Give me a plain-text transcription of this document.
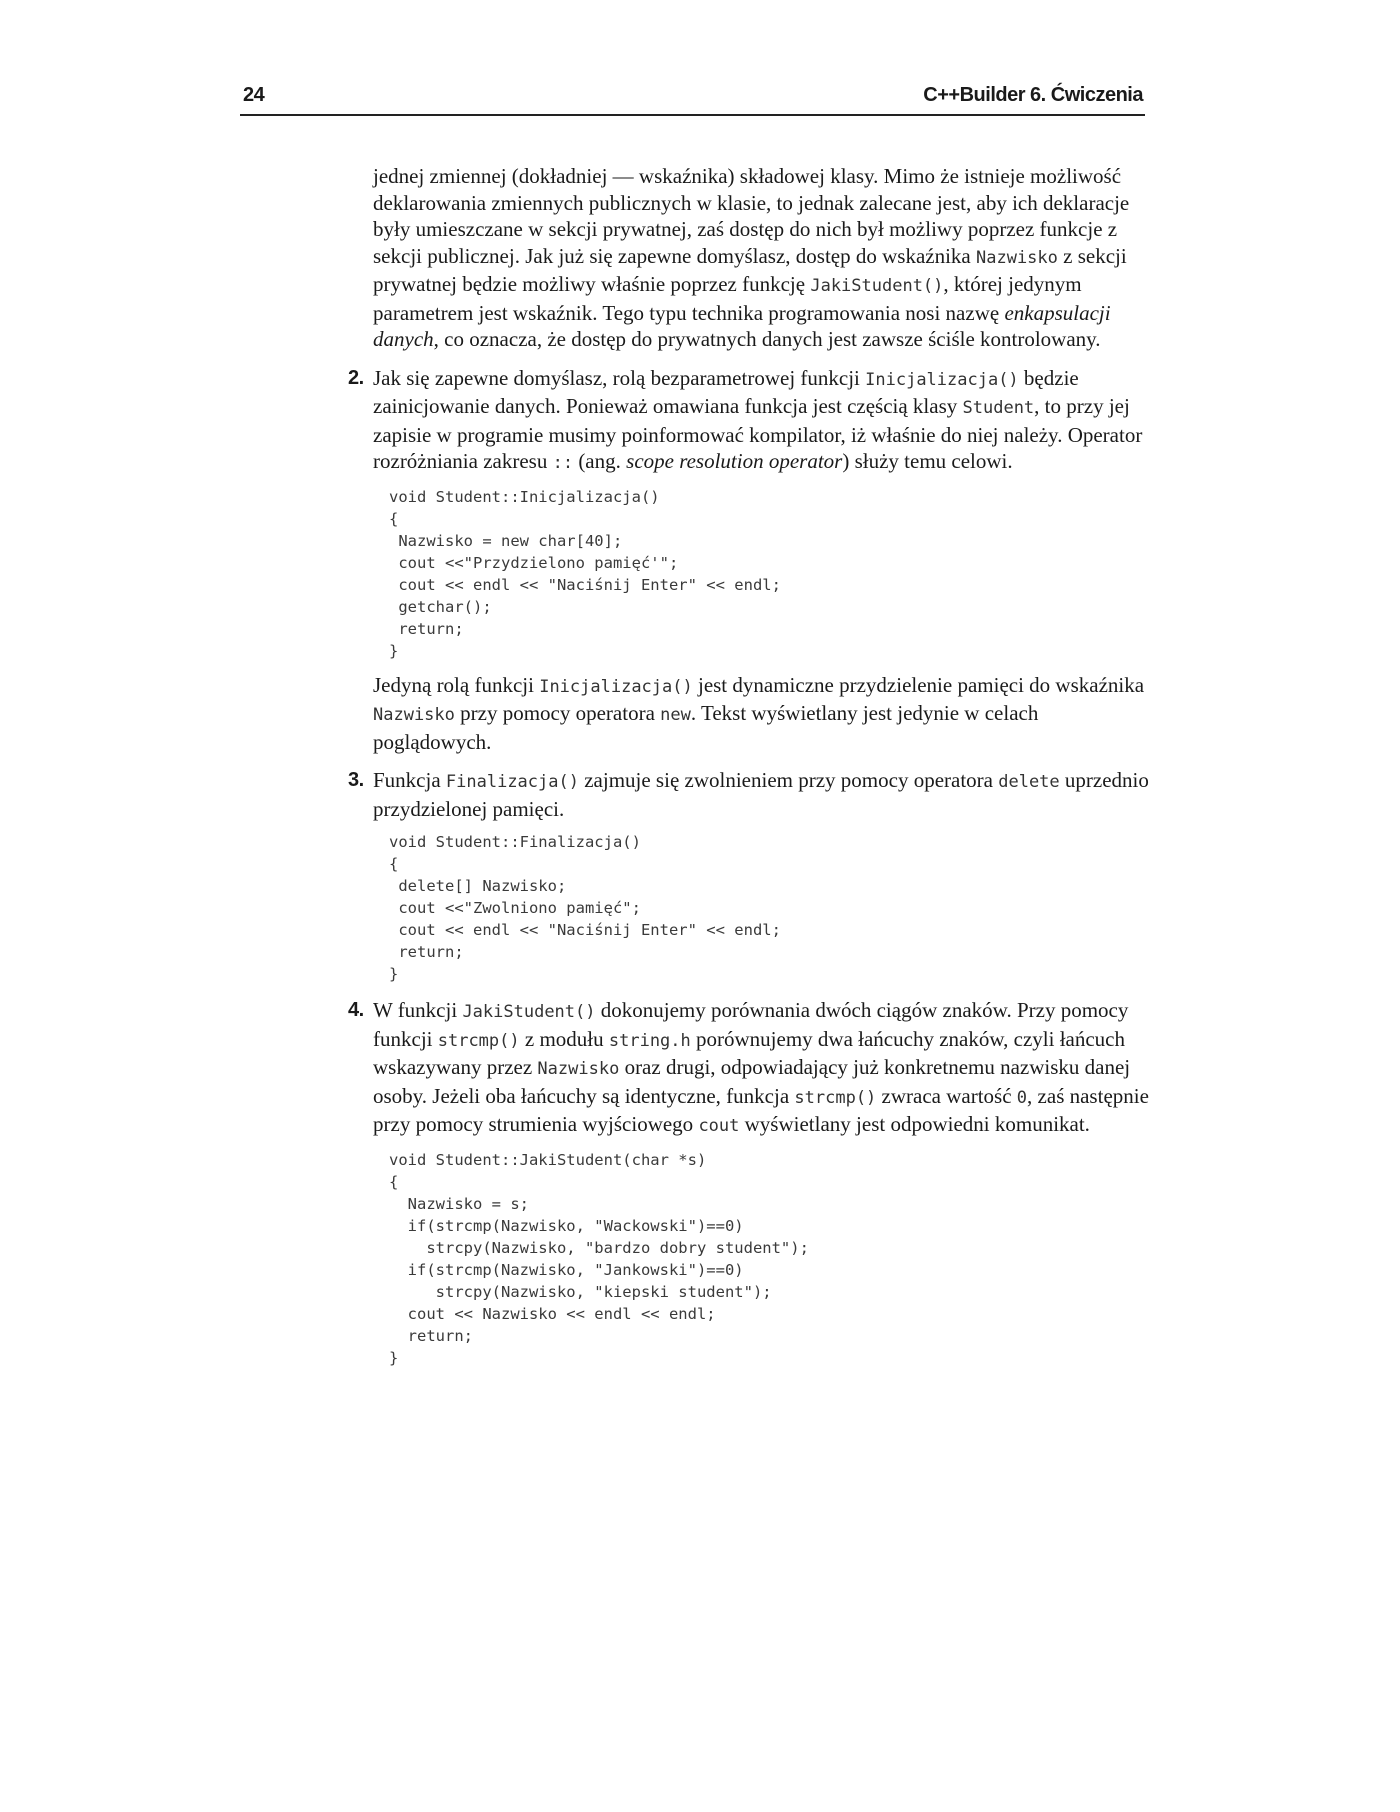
24	C++Builder 6. Ćwiczenia

jednej zmiennej (dokładniej — wskaźnika) składowej klasy. Mimo że istnieje możliwość deklarowania zmiennych publicznych w klasie, to jednak zalecane jest, aby ich deklaracje były umieszczane w sekcji prywatnej, zaś dostęp do nich był możliwy poprzez funkcje z sekcji publicznej. Jak już się zapewne domyślasz, dostęp do wskaźnika Nazwisko z sekcji prywatnej będzie możliwy właśnie poprzez funkcję JakiStudent(), której jedynym parametrem jest wskaźnik. Tego typu technika programowania nosi nazwę enkapsulacji danych, co oznacza, że dostęp do prywatnych danych jest zawsze ściśle kontrolowany.

2. Jak się zapewne domyślasz, rolą bezparametrowej funkcji Inicjalizacja() będzie zainicjowanie danych. Ponieważ omawiana funkcja jest częścią klasy Student, to przy jej zapisie w programie musimy poinformować kompilator, iż właśnie do niej należy. Operator rozróżniania zakresu :: (ang. scope resolution operator) służy temu celowi.

void Student::Inicjalizacja()
{
Nazwisko = new char[40];
cout <<"Przydzielono pamięć'";
cout << endl << "Naciśnij Enter" << endl;
getchar();
return;
}

Jedyną rolą funkcji Inicjalizacja() jest dynamiczne przydzielenie pamięci do wskaźnika Nazwisko przy pomocy operatora new. Tekst wyświetlany jest jedynie w celach poglądowych.

3. Funkcja Finalizacja() zajmuje się zwolnieniem przy pomocy operatora delete uprzednio przydzielonej pamięci.

void Student::Finalizacja()
{
delete[] Nazwisko;
cout <<"Zwolniono pamięć";
cout << endl << "Naciśnij Enter" << endl;
return;
}
4. W funkcji JakiStudent() dokonujemy porównania dwóch ciągów znaków. Przy pomocy funkcji strcmp() z modułu string.h porównujemy dwa łańcuchy znaków, czyli łańcuch wskazywany przez Nazwisko oraz drugi, odpowiadający już konkretnemu nazwisku danej osoby. Jeżeli oba łańcuchy są identyczne, funkcja strcmp() zwraca wartość 0, zaś następnie przy pomocy strumienia wyjściowego cout wyświetlany jest odpowiedni komunikat.

void Student::JakiStudent(char *s)
{
Nazwisko = s;
if(strcmp(Nazwisko, "Wackowski")==0)
strcpy(Nazwisko, "bardzo dobry student");
if(strcmp(Nazwisko, "Jankowski")==0)
strcpy(Nazwisko, "kiepski student");
cout << Nazwisko << endl << endl;
return;
}
